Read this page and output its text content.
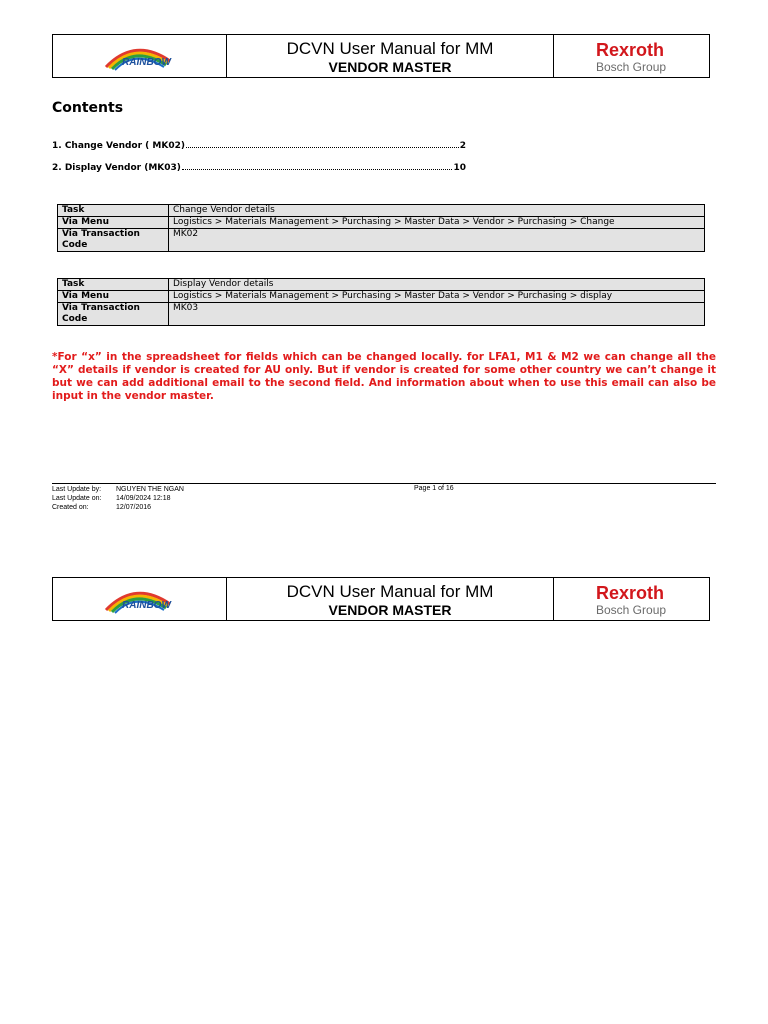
RAINBOW
DCVN User Manual for MM
VENDOR MASTER
Rexroth
Bosch Group
Contents
1. Change Vendor ( MK02)	2
2. Display Vendor (MK03)	10
Task	Change Vendor details
Via Menu	Logistics > Materials Management > Purchasing > Master Data > Vendor > Purchasing > Change
Via Transaction Code	MK02
Task	Display Vendor details
Via Menu	Logistics > Materials Management > Purchasing > Master Data > Vendor > Purchasing > display
Via Transaction Code	MK03
*For “x” in the spreadsheet for fields which can be changed locally. for LFA1, M1 & M2 we can change all the “X” details if vendor is created for AU only. But if vendor is created for some other country we can’t change it but we can add additional email to the second field. And information about when to use this email can also be input in the vendor master.
Last Update by:	NGUYEN THE NGAN
Last Update on:	14/09/2024 12:18
Created on:	12/07/2016
Page 1 of 16
RAINBOW
DCVN User Manual for MM
VENDOR MASTER
Rexroth
Bosch Group
